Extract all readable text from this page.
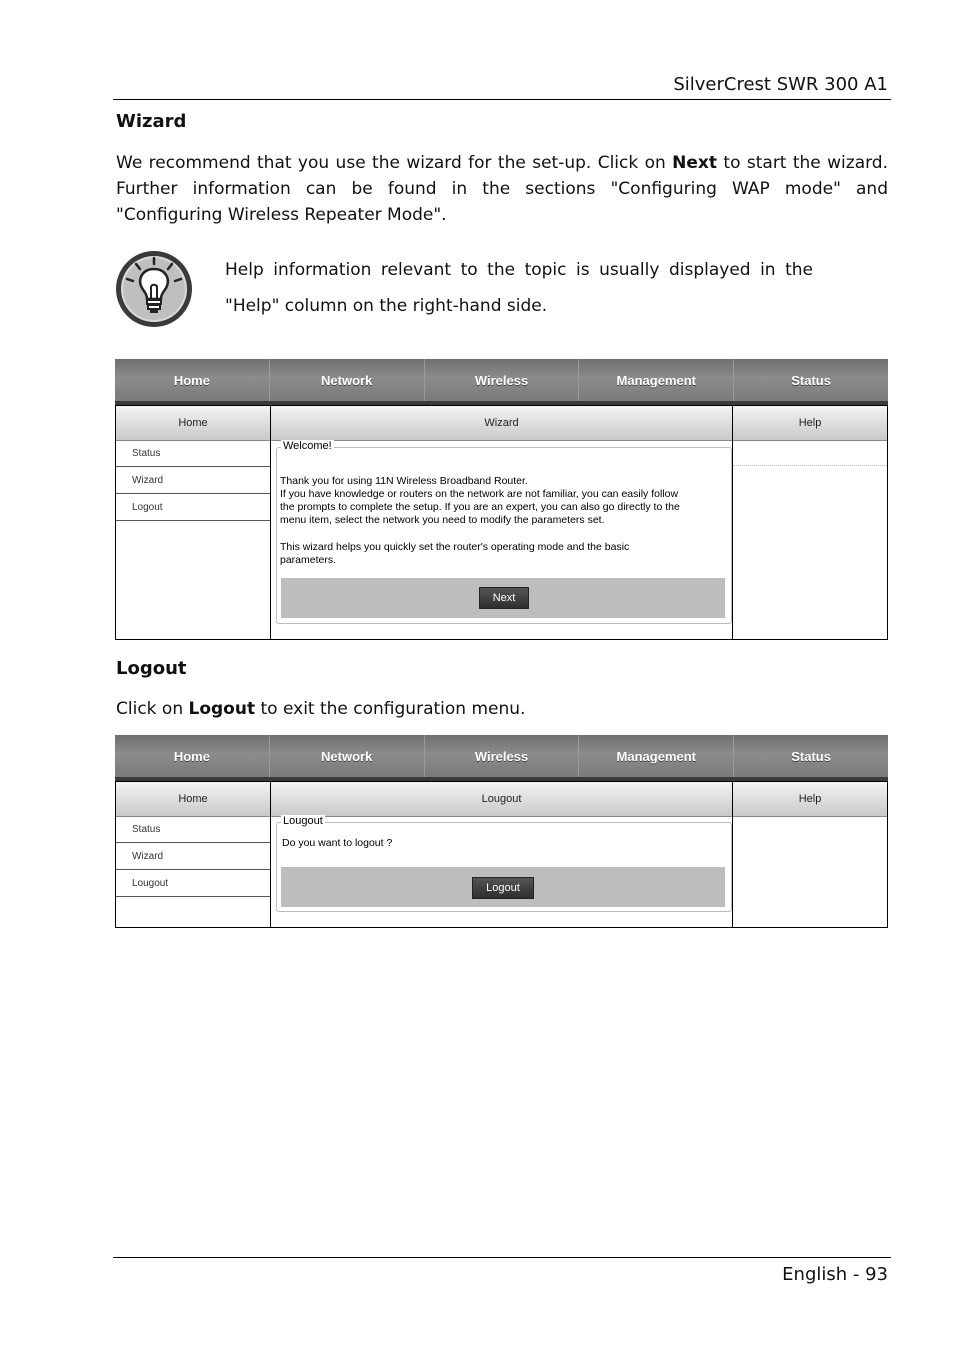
SilverCrest SWR 300 A1
Wizard
We recommend that you use the wizard for the set-up. Click on Next to start the wizard. Further information can be found in the sections "Configuring WAP mode" and "Configuring Wireless Repeater Mode".
Help information relevant to the topic is usually displayed in the "Help" column on the right-hand side.
Home	Network	Wireless	Management	Status
Home	Wizard	Help
Status
Wizard
Logout
Welcome!
Thank you for using 11N Wireless Broadband Router.
If you have knowledge or routers on the network are not familiar, you can easily follow
the prompts to complete the setup. If you are an expert, you can also go directly to the
menu item, select the network you need to modify the parameters set.
This wizard helps you quickly set the router's operating mode and the basic
parameters.
Next
Logout
Click on Logout to exit the configuration menu.
Home	Network	Wireless	Management	Status
Home	Lougout	Help
Status
Wizard
Lougout
Lougout
Do you want to logout ?
Logout
English - 93
